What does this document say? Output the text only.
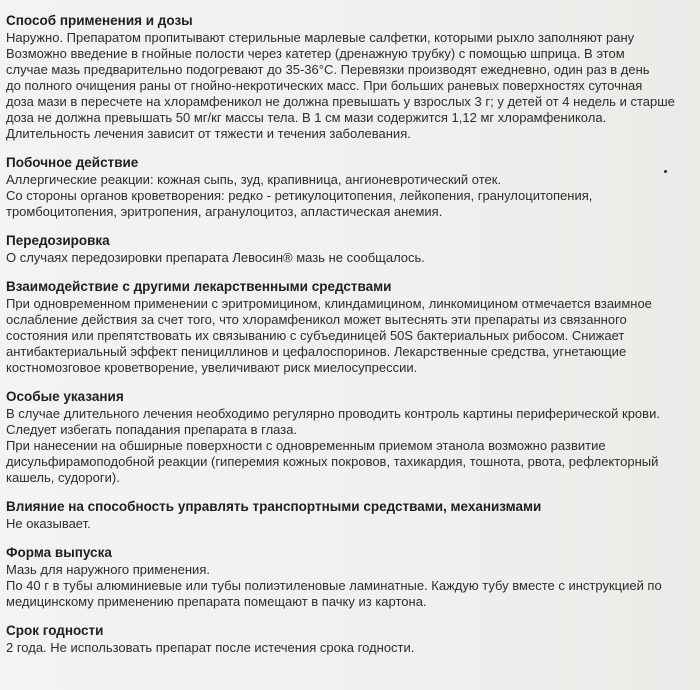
Способ применения и дозы
Наружно. Препаратом пропитывают стерильные марлевые салфетки, которыми рыхло заполняют рану
Возможно введение в гнойные полости через катетер (дренажную трубку) с помощью шприца. В этом
случае мазь предварительно подогревают до 35-36°С. Перевязки производят ежедневно, один раз в день
до полного очищения раны от гнойно-некротических масс. При больших раневых поверхностях суточная
доза мази в пересчете на хлорамфеникол не должна превышать у взрослых 3 г; у детей от 4 недель и старше
доза не должна превышать 50 мг/кг массы тела. В 1 см мази содержится 1,12 мг хлорамфеникола.
Длительность лечения зависит от тяжести и течения заболевания.
Побочное действие
Аллергические реакции: кожная сыпь, зуд, крапивница, ангионевротический отек.
Со стороны органов кроветворения: редко - ретикулоцитопения, лейкопения, гранулоцитопения,
тромбоцитопения, эритропения, агранулоцитоз, апластическая анемия.
Передозировка
О случаях передозировки препарата Левосин® мазь не сообщалось.
Взаимодействие с другими лекарственными средствами
При одновременном применении с эритромицином, клиндамицином, линкомицином отмечается взаимное
ослабление действия за счет того, что хлорамфеникол может вытеснять эти препараты из связанного
состояния или препятствовать их связыванию с субъединицей 50S бактериальных рибосом. Снижает
антибактериальный эффект пенициллинов и цефалоспоринов. Лекарственные средства, угнетающие
костномозговое кроветворение, увеличивают риск миелосупрессии.
Особые указания
В случае длительного лечения необходимо регулярно проводить контроль картины периферической крови.
Следует избегать попадания препарата в глаза.
При нанесении на обширные поверхности с одновременным приемом этанола возможно развитие
дисульфирамоподобной реакции (гиперемия кожных покровов, тахикардия, тошнота, рвота, рефлекторный
кашель, судороги).
Влияние на способность управлять транспортными средствами, механизмами
Не оказывает.
Форма выпуска
Мазь для наружного применения.
По 40 г в тубы алюминиевые или тубы полиэтиленовые ламинатные. Каждую тубу вместе с инструкцией по
медицинскому применению препарата помещают в пачку из картона.
Срок годности
2 года. Не использовать препарат после истечения срока годности.
